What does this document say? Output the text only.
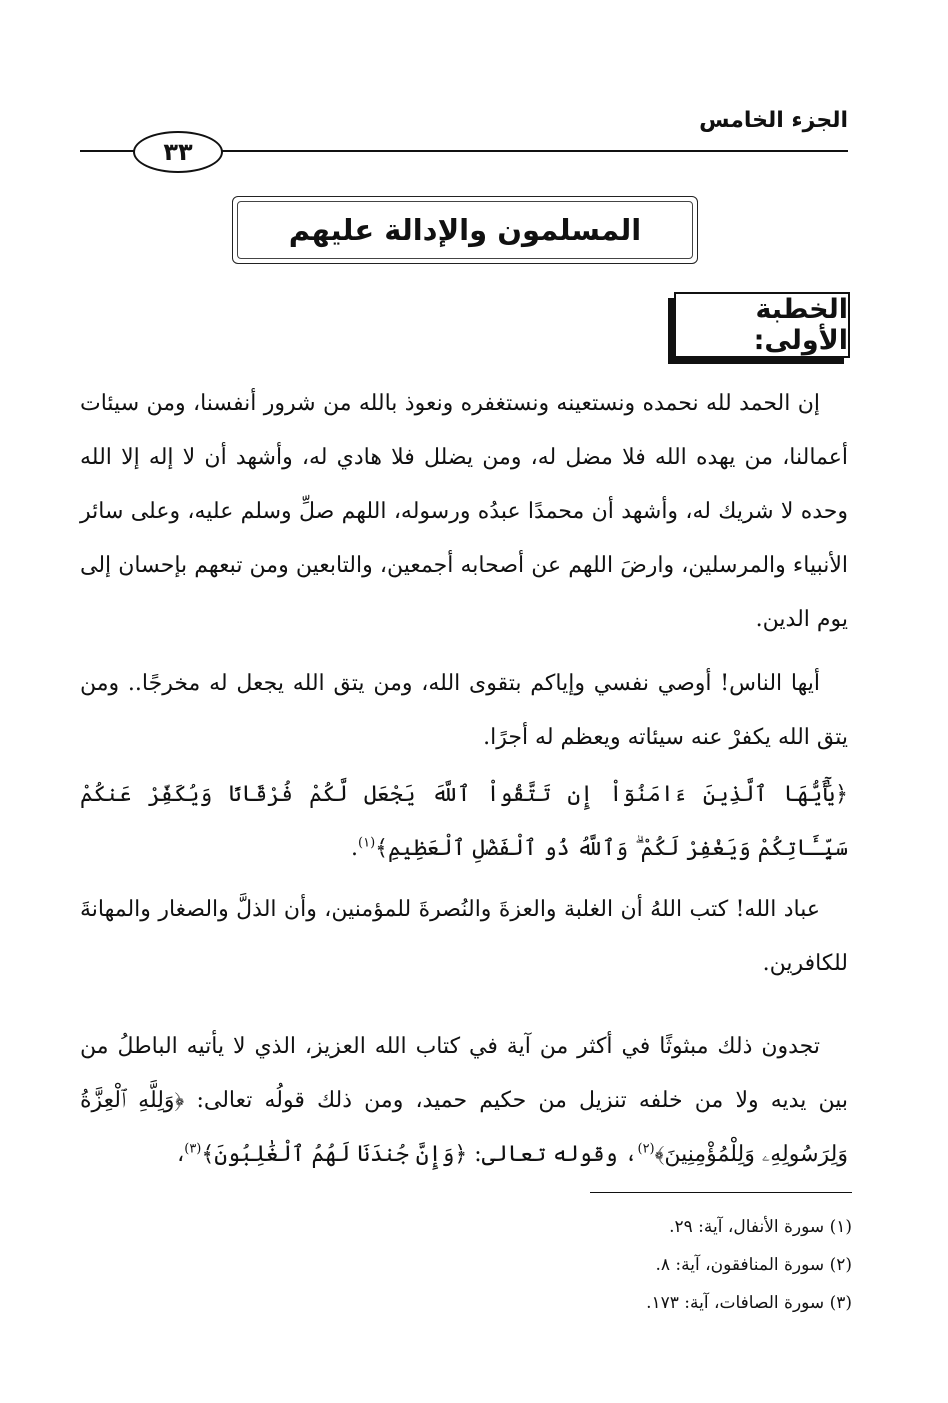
الجزء الخامس
٣٣
المسلمون والإدالة عليهم
الخطبة الأولى:
إن الحمد لله نحمده ونستعينه ونستغفره ونعوذ بالله من شرور أنفسنا، ومن سيئات أعمالنا، من يهده الله فلا مضل له، ومن يضلل فلا هادي له، وأشهد أن لا إله إلا الله وحده لا شريك له، وأشهد أن محمدًا عبدُه ورسوله، اللهم صلِّ وسلم عليه، وعلى سائر الأنبياء والمرسلين، وارضَ اللهم عن أصحابه أجمعين، والتابعين ومن تبعهم بإحسان إلى يوم الدين.
أيها الناس! أوصي نفسي وإياكم بتقوى الله، ومن يتق الله يجعل له مخرجًا.. ومن يتق الله يكفرْ عنه سيئاته ويعظم له أجرًا.
﴿يَٰٓأَيُّهَا ٱلَّذِينَ ءَامَنُوٓاْ إِن تَتَّقُواْ ٱللَّهَ يَجْعَل لَّكُمْ فُرْقَانًا وَيُكَفِّرْ عَنكُمْ سَيِّـَٔاتِكُمْ وَيَغْفِرْ لَكُمْ ۗ وَٱللَّهُ ذُو ٱلْفَضْلِ ٱلْعَظِيمِ﴾$^{(١)}$.
عباد الله! كتب اللهُ أن الغلبة والعزةَ والنُصرةَ للمؤمنين، وأن الذلَّ والصغار والمهانةَ للكافرين.
تجدون ذلك مبثوثًا في أكثر من آية في كتاب الله العزيز، الذي لا يأتيه الباطلُ من بين يديه ولا من خلفه تنزيل من حكيم حميد، ومن ذلك قولُه تعالى: ﴿وَلِلَّهِ ٱلْعِزَّةُ وَلِرَسُولِهِۦ وَلِلْمُؤْمِنِينَ﴾$^{(٢)}$، وقوله تعالى: ﴿وَإِنَّ جُندَنَا لَهُمُ ٱلْغَٰلِبُونَ﴾$^{(٣)}$،
(١) سورة الأنفال، آية: ٢٩.
(٢) سورة المنافقون، آية: ٨.
(٣) سورة الصافات، آية: ١٧٣.
